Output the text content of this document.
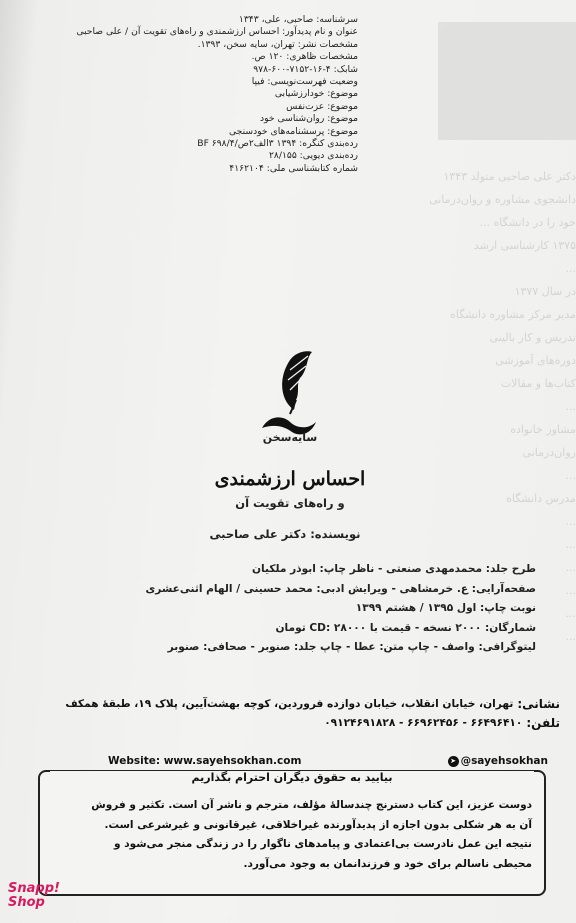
دکتر علی صاحبی متولد ۱۳۴۳
دانشجوی مشاوره و روان‌درمانی
خود را در دانشگاه ...
۱۳۷۵ کارشناسی ارشد
...
در سال ۱۳۷۷
مدیر مرکز مشاوره دانشگاه
تدریس و کار بالینی
دوره‌های آموزشی
کتاب‌ها و مقالات
...
مشاور خانواده
روان‌درمانی
...
مدرس دانشگاه
...
...
...
...
...
...
سرشناسه: صاحبی، علی، ۱۳۴۳
عنوان و نام پدیدآور: احساس ارزشمندی و راه‌های تقویت آن / علی صاحبی
مشخصات نشر: تهران، سایه سخن، ۱۳۹۳.
مشخصات ظاهری: ۱۲۰ ص.
شابک: ۴-۱۶-۷۱۵۲-۶۰۰-۹۷۸
وضعیت فهرست‌نویسی: فیپا
موضوع: خودارزشیابی
موضوع: عزت‌نفس
موضوع: روان‌شناسی خود
موضوع: پرسشنامه‌های خودسنجی
رده‌بندی کنگره: ۱۳۹۴ ۳الف۲ص/۶۹۸/۴ BF
رده‌بندی دیویی: ۲۸/۱۵۵
شماره کتابشناسی ملی: ۴۱۶۲۱۰۴
سایه‌سخن
احساس ارزشمندی
و راه‌های تقویت آن
نویسنده: دکتر علی صاحبی
طرح جلد: محمدمهدی صنعتی - ناظر چاپ: ابوذر ملکیان
صفحه‌آرایی: ع. خرمشاهی - ویرایش ادبی: محمد حسینی / الهام اثنی‌عشری
نوبت چاپ: اول ۱۳۹۵ / هشتم ۱۳۹۹
شمارگان: ۲۰۰۰ نسخه - قیمت با CD: ۲۸۰۰۰ تومان
لیتوگرافی: واصف - چاپ متن: عطا - چاپ جلد: صنوبر - صحافی: صنوبر
نشانی:
تهران، خیابان انقلاب، خیابان دوازده فروردین، کوچه بهشت‌آیین، پلاک ۱۹، طبقهٔ همکف
تلفن:
۶۶۴۹۶۴۱۰ - ۶۶۹۶۲۴۵۶ - ۰۹۱۲۴۶۹۱۸۲۸
Website: www.sayehsokhan.com	➤ @sayehsokhan
بیایید به حقوق دیگران احترام بگذاریم
دوست عزیز، این کتاب دسترنج چندسالهٔ مؤلف، مترجم و ناشر آن است. تکثیر و فروش
آن به هر شکلی بدون اجازه از پدیدآورنده غیراخلاقی، غیرقانونی و غیرشرعی است.
نتیجه این عمل نادرست بی‌اعتمادی و پیامدهای ناگوار را در زندگی منجر می‌شود و
محیطی ناسالم برای خود و فرزندانمان به وجود می‌آورد.
Snapp!
Shop
